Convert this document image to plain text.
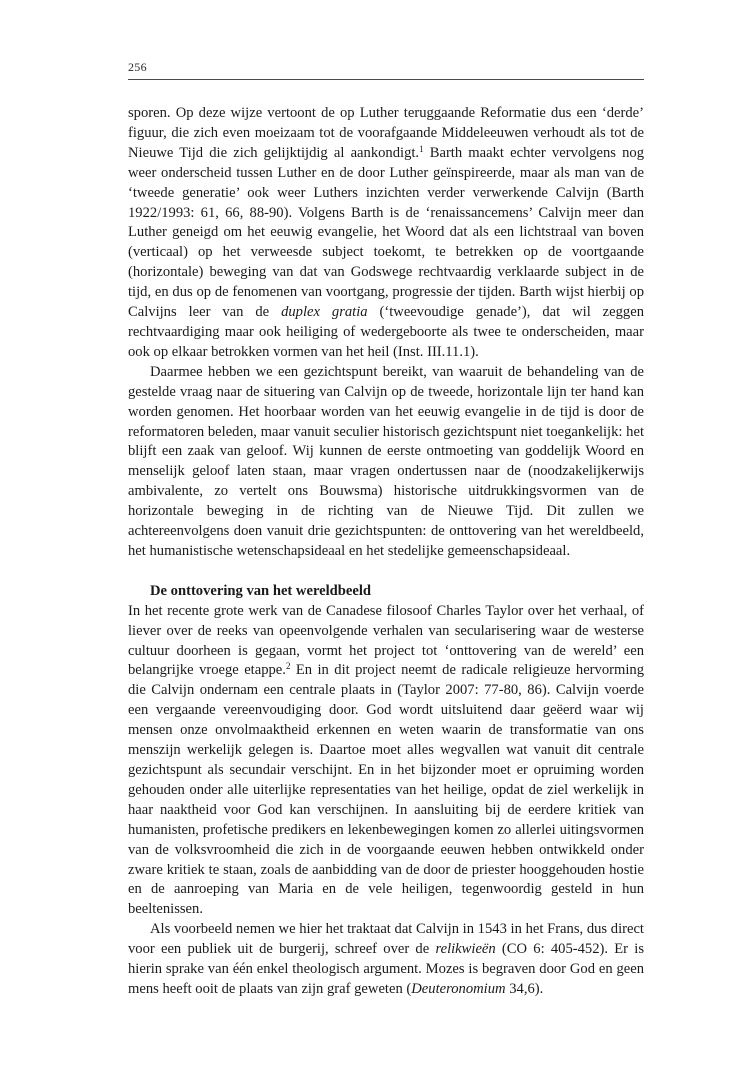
256

sporen. Op deze wijze vertoont de op Luther teruggaande Reformatie dus een ‘derde’ figuur, die zich even moeizaam tot de voorafgaande Middeleeuwen verhoudt als tot de Nieuwe Tijd die zich gelijktijdig al aankondigt.$^1$ Barth maakt echter vervolgens nog weer onderscheid tussen Luther en de door Luther geïnspireerde, maar als man van de ‘tweede generatie’ ook weer Luthers inzichten verder verwerkende Calvijn (Barth 1922/1993: 61, 66, 88-90). Volgens Barth is de ‘renaissancemens’ Calvijn meer dan Luther geneigd om het eeuwig evangelie, het Woord dat als een lichtstraal van boven (verticaal) op het verweesde subject toekomt, te betrekken op de voortgaande (horizontale) beweging van dat van Godswege rechtvaardig verklaarde subject in de tijd, en dus op de fenomenen van voortgang, progressie der tijden. Barth wijst hierbij op Calvijns leer van de duplex gratia (‘tweevoudige genade’), dat wil zeggen rechtvaardiging maar ook heiliging of wedergeboorte als twee te onderscheiden, maar ook op elkaar betrokken vormen van het heil (Inst. III.11.1).

Daarmee hebben we een gezichtspunt bereikt, van waaruit de behandeling van de gestelde vraag naar de situering van Calvijn op de tweede, horizontale lijn ter hand kan worden genomen. Het hoorbaar worden van het eeuwig evangelie in de tijd is door de reformatoren beleden, maar vanuit seculier historisch gezichtspunt niet toegankelijk: het blijft een zaak van geloof. Wij kunnen de eerste ontmoeting van goddelijk Woord en menselijk geloof laten staan, maar vragen ondertussen naar de (noodzakelijkerwijs ambivalente, zo vertelt ons Bouwsma) historische uitdrukkingsvormen van de horizontale beweging in de richting van de Nieuwe Tijd. Dit zullen we achtereenvolgens doen vanuit drie gezichtspunten: de onttovering van het wereldbeeld, het humanistische wetenschapsideaal en het stedelijke gemeenschapsideaal.

De onttovering van het wereldbeeld

In het recente grote werk van de Canadese filosoof Charles Taylor over het verhaal, of liever over de reeks van opeenvolgende verhalen van secularisering waar de westerse cultuur doorheen is gegaan, vormt het project tot ‘onttovering van de wereld’ een belangrijke vroege etappe.$^2$ En in dit project neemt de radicale religieuze hervorming die Calvijn ondernam een centrale plaats in (Taylor 2007: 77-80, 86). Calvijn voerde een vergaande vereenvoudiging door. God wordt uitsluitend daar geëerd waar wij mensen onze onvolmaaktheid erkennen en weten waarin de transformatie van ons menszijn werkelijk gelegen is. Daartoe moet alles wegvallen wat vanuit dit centrale gezichtspunt als secundair verschijnt. En in het bijzonder moet er opruiming worden gehouden onder alle uiterlijke representaties van het heilige, opdat de ziel werkelijk in haar naaktheid voor God kan verschijnen. In aansluiting bij de eerdere kritiek van humanisten, profetische predikers en lekenbewegingen komen zo allerlei uitingsvormen van de volksvroomheid die zich in de voorgaande eeuwen hebben ontwikkeld onder zware kritiek te staan, zoals de aanbidding van de door de priester hooggehouden hostie en de aanroeping van Maria en de vele heiligen, tegenwoordig gesteld in hun beeltenissen.

Als voorbeeld nemen we hier het traktaat dat Calvijn in 1543 in het Frans, dus direct voor een publiek uit de burgerij, schreef over de relikwieën (CO 6: 405-452). Er is hierin sprake van één enkel theologisch argument. Mozes is begraven door God en geen mens heeft ooit de plaats van zijn graf geweten (Deuteronomium 34,6).
